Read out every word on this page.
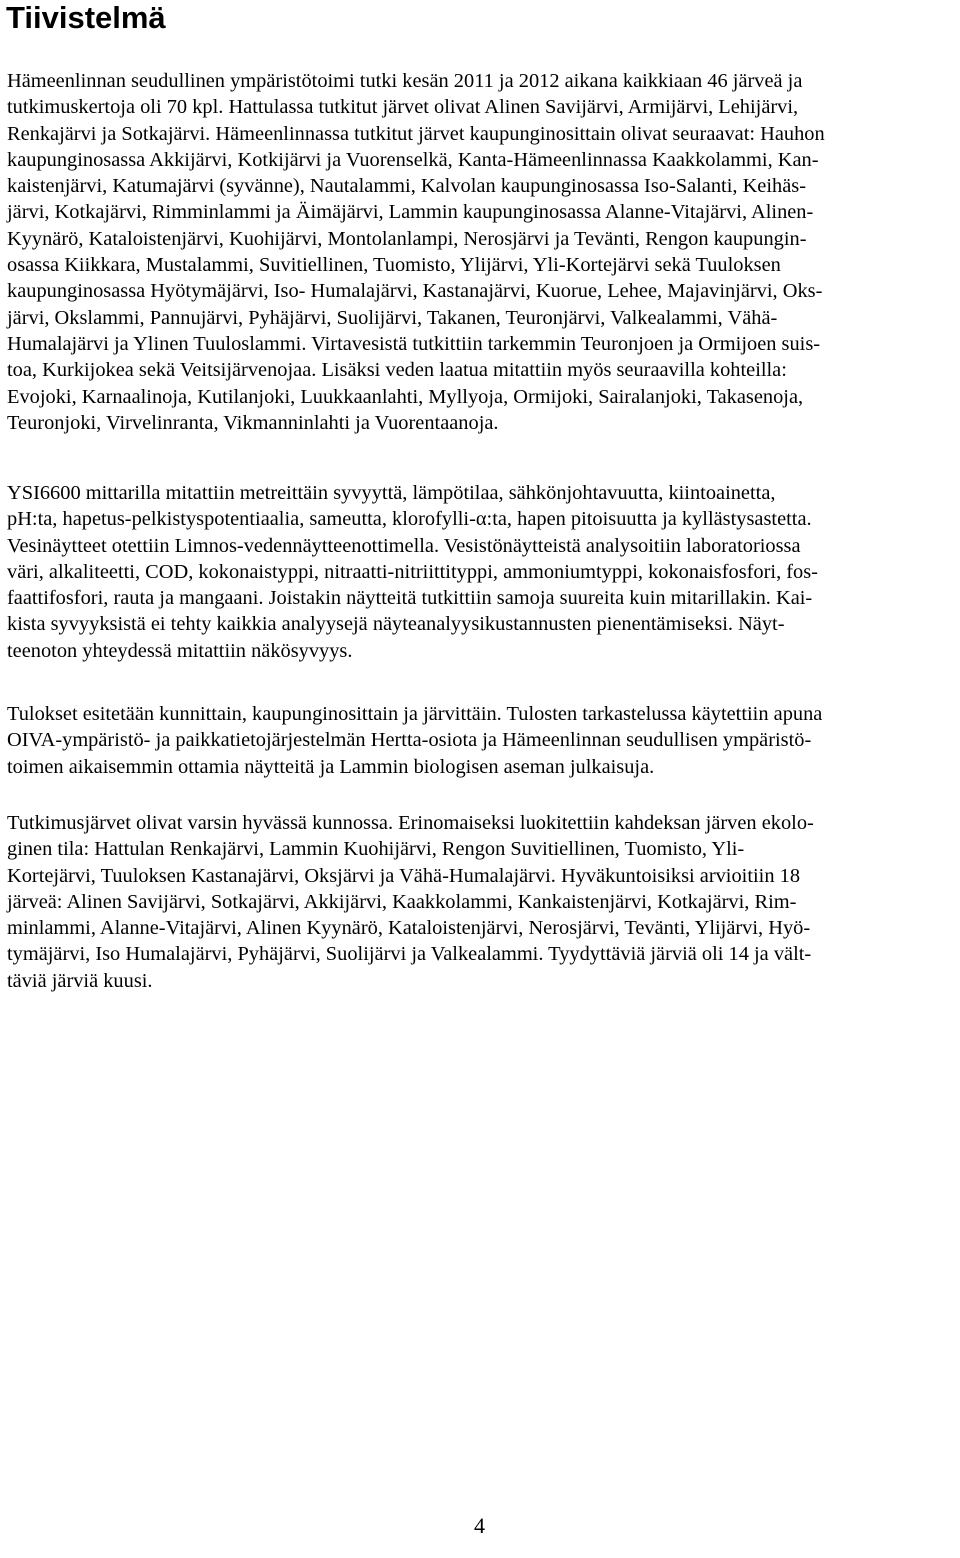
Tiivistelmä
Hämeenlinnan seudullinen ympäristötoimi tutki kesän 2011 ja 2012 aikana kaikkiaan 46 järveä ja
tutkimuskertoja oli 70 kpl. Hattulassa tutkitut järvet olivat Alinen Savijärvi, Armijärvi, Lehijärvi,
Renkajärvi ja Sotkajärvi. Hämeenlinnassa tutkitut järvet kaupunginosittain olivat seuraavat: Hauhon
kaupunginosassa Akkijärvi, Kotkijärvi ja Vuorenselkä, Kanta-Hämeenlinnassa Kaakkolammi, Kan-
kaistenjärvi, Katumajärvi (syvänne), Nautalammi, Kalvolan kaupunginosassa Iso-Salanti, Keihäs-
järvi, Kotkajärvi, Rimminlammi ja Äimäjärvi, Lammin kaupunginosassa Alanne-Vitajärvi, Alinen-
Kyynärö, Kataloistenjärvi, Kuohijärvi, Montolanlampi, Nerosjärvi ja Tevänti, Rengon kaupungin-
osassa Kiikkara, Mustalammi, Suvitiellinen, Tuomisto, Ylijärvi, Yli-Kortejärvi sekä Tuuloksen
kaupunginosassa Hyötymäjärvi, Iso- Humalajärvi, Kastanajärvi, Kuorue, Lehee, Majavinjärvi, Oks-
järvi, Okslammi, Pannujärvi, Pyhäjärvi, Suolijärvi, Takanen, Teuronjärvi, Valkealammi, Vähä-
Humalajärvi ja Ylinen Tuuloslammi. Virtavesistä tutkittiin tarkemmin Teuronjoen ja Ormijoen suis-
toa, Kurkijokea sekä Veitsijärvenojaa. Lisäksi veden laatua mitattiin myös seuraavilla kohteilla:
Evojoki, Karnaalinoja, Kutilanjoki, Luukkaanlahti, Myllyoja, Ormijoki, Sairalanjoki, Takasenoja,
Teuronjoki, Virvelinranta, Vikmanninlahti ja Vuorentaanoja.
YSI6600 mittarilla mitattiin metreittäin syvyyttä, lämpötilaa, sähkönjohtavuutta, kiintoainetta,
pH:ta, hapetus-pelkistyspotentiaalia, sameutta, klorofylli-α:ta, hapen pitoisuutta ja kyllästysastetta.
Vesinäytteet otettiin Limnos-vedennäytteenottimella. Vesistönäytteistä analysoitiin laboratoriossa
väri, alkaliteetti, COD, kokonaistyppi, nitraatti-nitriittityppi, ammoniumtyppi, kokonaisfosfori, fos-
faattifosfori, rauta ja mangaani. Joistakin näytteitä tutkittiin samoja suureita kuin mitarillakin. Kai-
kista syvyyksistä ei tehty kaikkia analyysejä näyteanalyysikustannusten pienentämiseksi. Näyt-
teenoton yhteydessä mitattiin näkösyvyys.
Tulokset esitetään kunnittain, kaupunginosittain ja järvittäin. Tulosten tarkastelussa käytettiin apuna
OIVA-ympäristö- ja paikkatietojärjestelmän Hertta-osiota ja Hämeenlinnan seudullisen ympäristö-
toimen aikaisemmin ottamia näytteitä ja Lammin biologisen aseman julkaisuja.
Tutkimusjärvet olivat varsin hyvässä kunnossa. Erinomaiseksi luokitettiin kahdeksan järven ekolo-
ginen tila: Hattulan Renkajärvi, Lammin Kuohijärvi, Rengon Suvitiellinen, Tuomisto, Yli-
Kortejärvi, Tuuloksen Kastanajärvi, Oksjärvi ja Vähä-Humalajärvi. Hyväkuntoisiksi arvioitiin 18
järveä: Alinen Savijärvi, Sotkajärvi, Akkijärvi, Kaakkolammi, Kankaistenjärvi, Kotkajärvi, Rim-
minlammi, Alanne-Vitajärvi, Alinen Kyynärö, Kataloistenjärvi, Nerosjärvi, Tevänti, Ylijärvi, Hyö-
tymäjärvi, Iso Humalajärvi, Pyhäjärvi, Suolijärvi ja Valkealammi. Tyydyttäviä järviä oli 14 ja vält-
täviä järviä kuusi.
4
